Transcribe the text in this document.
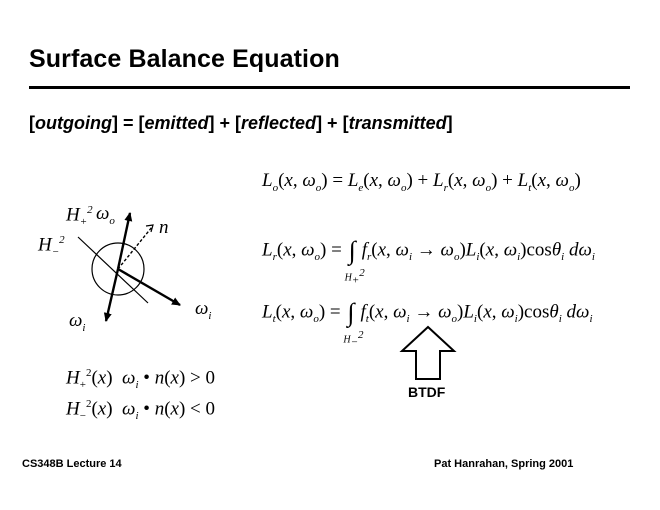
Surface Balance Equation
[outgoing] = [emitted] + [reflected] + [transmitted]
$L_o(x$, $\omega_o) = L_e(x$, $\omega_o) + L_r(x$, $\omega_o) + L_t(x$, $\omega_o$)
$L_r(x$, $\omega_o$) = ∫
$H_+^2$
$f_r(x$, $\omega_i \to \omega_o)L_i(x$, $\omega_i)\cos\theta_i$ $d\omega_i$
$L_t(x$, $\omega_o$) = ∫
$H_-^2$
$f_t(x$, $\omega_i \to \omega_o)L_i(x$, $\omega_i)\cos\theta_i$ $d\omega_i$
$H_+^2(x)$  $\omega_i$ • n(x) > 0
$H_-^2(x)$  $\omega_i$ • n(x) < 0
$H_+^2$ $\omega_o$ n
$H_-^2$
$\omega_i$
$\omega_i$
BTDF
CS348B Lecture 14	Pat Hanrahan, Spring 2001
